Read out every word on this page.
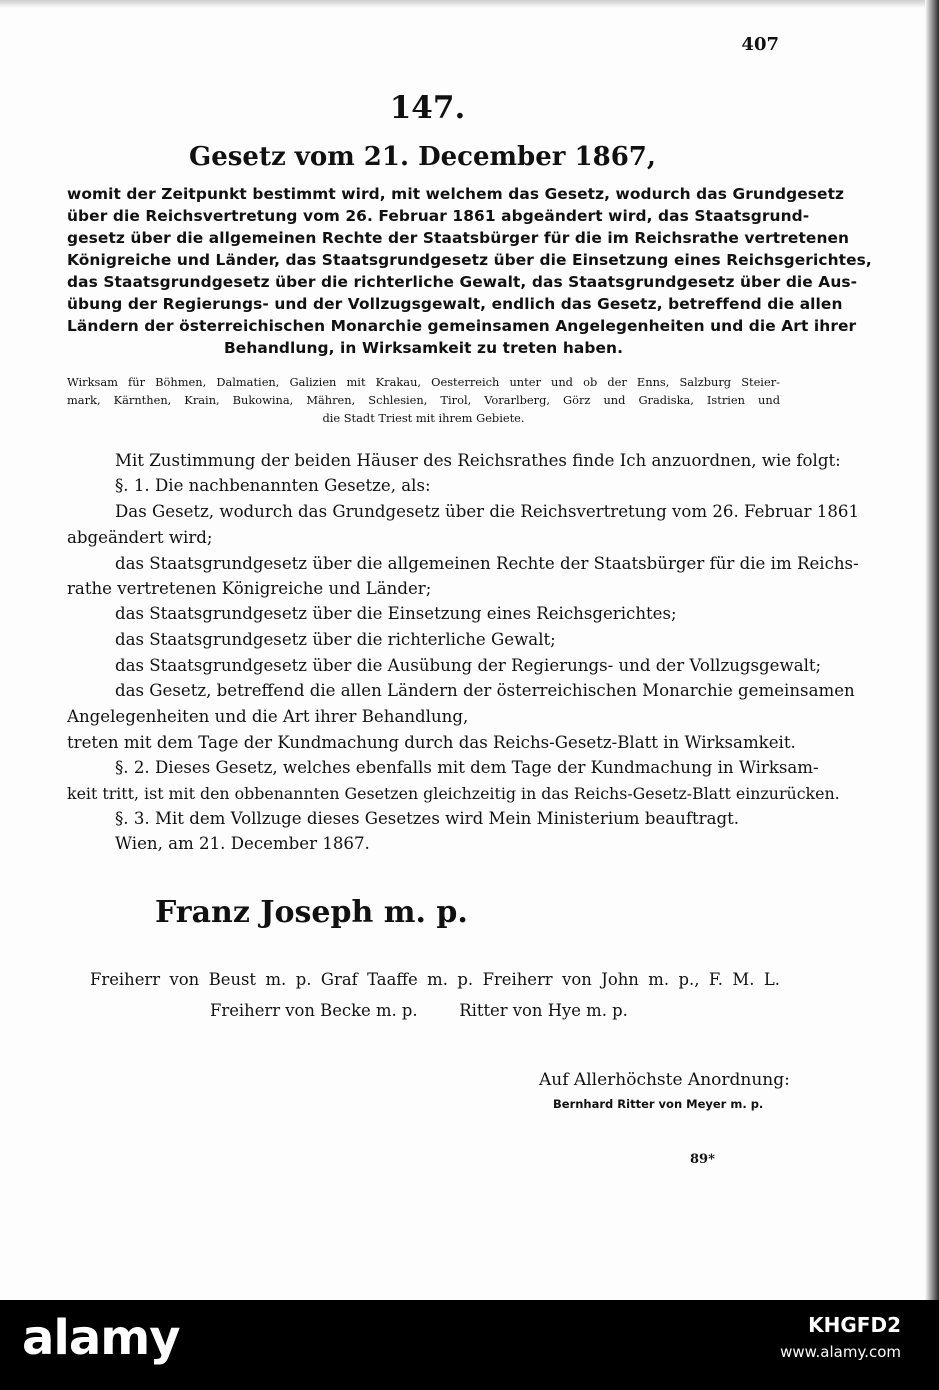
407
147.
Gesetz vom 21. December 1867,
womit der Zeitpunkt bestimmt wird, mit welchem das Gesetz, wodurch das Grundgesetz
über die Reichsvertretung vom 26. Februar 1861 abgeändert wird, das Staatsgrund-
gesetz über die allgemeinen Rechte der Staatsbürger für die im Reichsrathe vertretenen
Königreiche und Länder, das Staatsgrundgesetz über die Einsetzung eines Reichsgerichtes,
das Staatsgrundgesetz über die richterliche Gewalt, das Staatsgrundgesetz über die Aus-
übung der Regierungs- und der Vollzugsgewalt, endlich das Gesetz, betreffend die allen
Ländern der österreichischen Monarchie gemeinsamen Angelegenheiten und die Art ihrer
Behandlung, in Wirksamkeit zu treten haben.
Wirksam für Böhmen, Dalmatien, Galizien mit Krakau, Oesterreich unter und ob der Enns, Salzburg Steier-
mark, Kärnthen, Krain, Bukowina, Mähren, Schlesien, Tirol, Vorarlberg, Görz und Gradiska, Istrien und
die Stadt Triest mit ihrem Gebiete.
Mit Zustimmung der beiden Häuser des Reichsrathes finde Ich anzuordnen, wie folgt:
§. 1. Die nachbenannten Gesetze, als:
Das Gesetz, wodurch das Grundgesetz über die Reichsvertretung vom 26. Februar 1861
abgeändert wird;
das Staatsgrundgesetz über die allgemeinen Rechte der Staatsbürger für die im Reichs-
rathe vertretenen Königreiche und Länder;
das Staatsgrundgesetz über die Einsetzung eines Reichsgerichtes;
das Staatsgrundgesetz über die richterliche Gewalt;
das Staatsgrundgesetz über die Ausübung der Regierungs- und der Vollzugsgewalt;
das Gesetz, betreffend die allen Ländern der österreichischen Monarchie gemeinsamen
Angelegenheiten und die Art ihrer Behandlung,
treten mit dem Tage der Kundmachung durch das Reichs-Gesetz-Blatt in Wirksamkeit.
§. 2. Dieses Gesetz, welches ebenfalls mit dem Tage der Kundmachung in Wirksam-
keit tritt, ist mit den obbenannten Gesetzen gleichzeitig in das Reichs-Gesetz-Blatt einzurücken.
§. 3. Mit dem Vollzuge dieses Gesetzes wird Mein Ministerium beauftragt.
Wien, am 21. December 1867.
Franz Joseph m. p.
Freiherr von Beust m. p. Graf Taaffe m. p. Freiherr von John m. p., F. M. L.
Freiherr von Becke m. p.        Ritter von Hye m. p.
Auf Allerhöchste Anordnung:
Bernhard Ritter von Meyer m. p.
89*
alamy	KHGFD2
www.alamy.com
